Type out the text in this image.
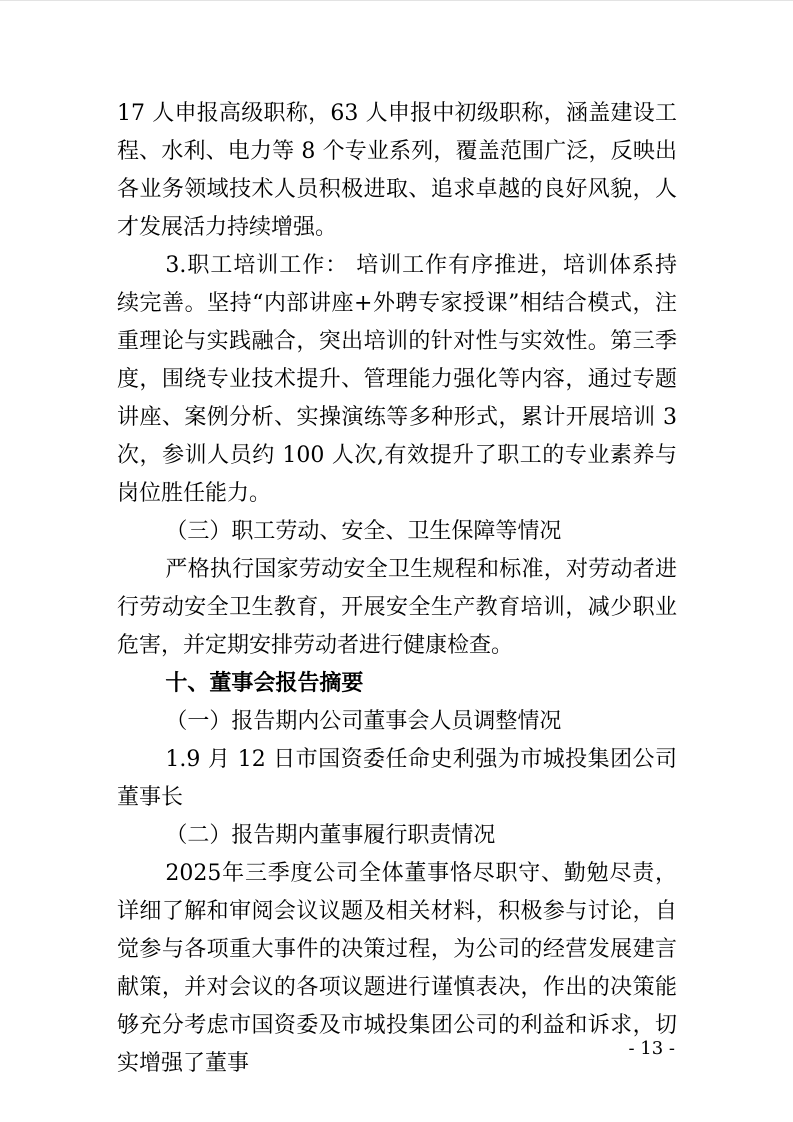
17 人申报高级职称，63 人申报中初级职称，涵盖建设工程、水利、电力等 8 个专业系列，覆盖范围广泛，反映出各业务领域技术人员积极进取、追求卓越的良好风貌，人才发展活力持续增强。

3.职工培训工作： 培训工作有序推进，培训体系持续完善。坚持“内部讲座+外聘专家授课”相结合模式，注重理论与实践融合，突出培训的针对性与实效性。第三季度，围绕专业技术提升、管理能力强化等内容，通过专题讲座、案例分析、实操演练等多种形式，累计开展培训 3 次，参训人员约 100 人次,有效提升了职工的专业素养与岗位胜任能力。

（三）职工劳动、安全、卫生保障等情况

严格执行国家劳动安全卫生规程和标准，对劳动者进行劳动安全卫生教育，开展安全生产教育培训，减少职业危害，并定期安排劳动者进行健康检查。

十、董事会报告摘要

（一）报告期内公司董事会人员调整情况

1.9 月 12 日市国资委任命史利强为市城投集团公司董事长

（二）报告期内董事履行职责情况

2025年三季度公司全体董事恪尽职守、勤勉尽责，详细了解和审阅会议议题及相关材料，积极参与讨论，自觉参与各项重大事件的决策过程，为公司的经营发展建言献策，并对会议的各项议题进行谨慎表决，作出的决策能够充分考虑市国资委及市城投集团公司的利益和诉求，切实增强了董事

- 13 -
